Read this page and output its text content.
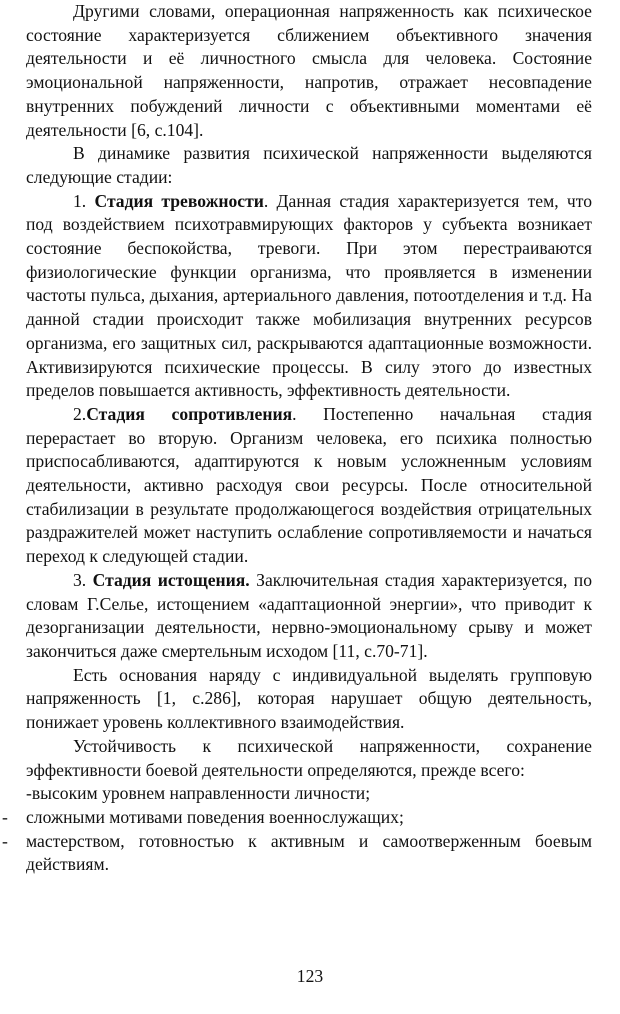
Другими словами, операционная напряженность как психическое состояние характеризуется сближением объективного значения деятельности и её личностного смысла для человека. Состояние эмоциональной напряженности, напротив, отражает несовпадение внутренних побуждений личности с объективными моментами её деятельности [6, с.104].

В динамике развития психической напряженности выделяются следующие стадии:

1. Стадия тревожности. Данная стадия характеризуется тем, что под воздействием психотравмирующих факторов у субъекта возникает состояние беспокойства, тревоги. При этом перестраиваются физиологические функции организма, что проявляется в изменении частоты пульса, дыхания, артериального давления, потоотделения и т.д. На данной стадии происходит также мобилизация внутренних ресурсов организма, его защитных сил, раскрываются адаптационные возможности. Активизируются психические процессы. В силу этого до известных пределов повышается активность, эффективность деятельности.

2.Стадия сопротивления. Постепенно начальная стадия перерастает во вторую. Организм человека, его психика полностью приспосабливаются, адаптируются к новым усложненным условиям деятельности, активно расходуя свои ресурсы. После относительной стабилизации в результате продолжающегося воздействия отрицательных раздражителей может наступить ослабление сопротивляемости и начаться переход к следующей стадии.

3. Стадия истощения. Заключительная стадия характеризуется, по словам Г.Селье, истощением «адаптационной энергии», что приводит к дезорганизации деятельности, нервно-эмоциональному срыву и может закончиться даже смертельным исходом [11, с.70-71].

Есть основания наряду с индивидуальной выделять групповую напряженность [1, с.286], которая нарушает общую деятельность, понижает уровень коллективного взаимодействия.

Устойчивость к психической напряженности, сохранение эффективности боевой деятельности определяются, прежде всего:

-высоким уровнем направленности личности;

- сложными мотивами поведения военнослужащих;

- мастерством, готовностью к активным и самоотверженным боевым действиям.

123
